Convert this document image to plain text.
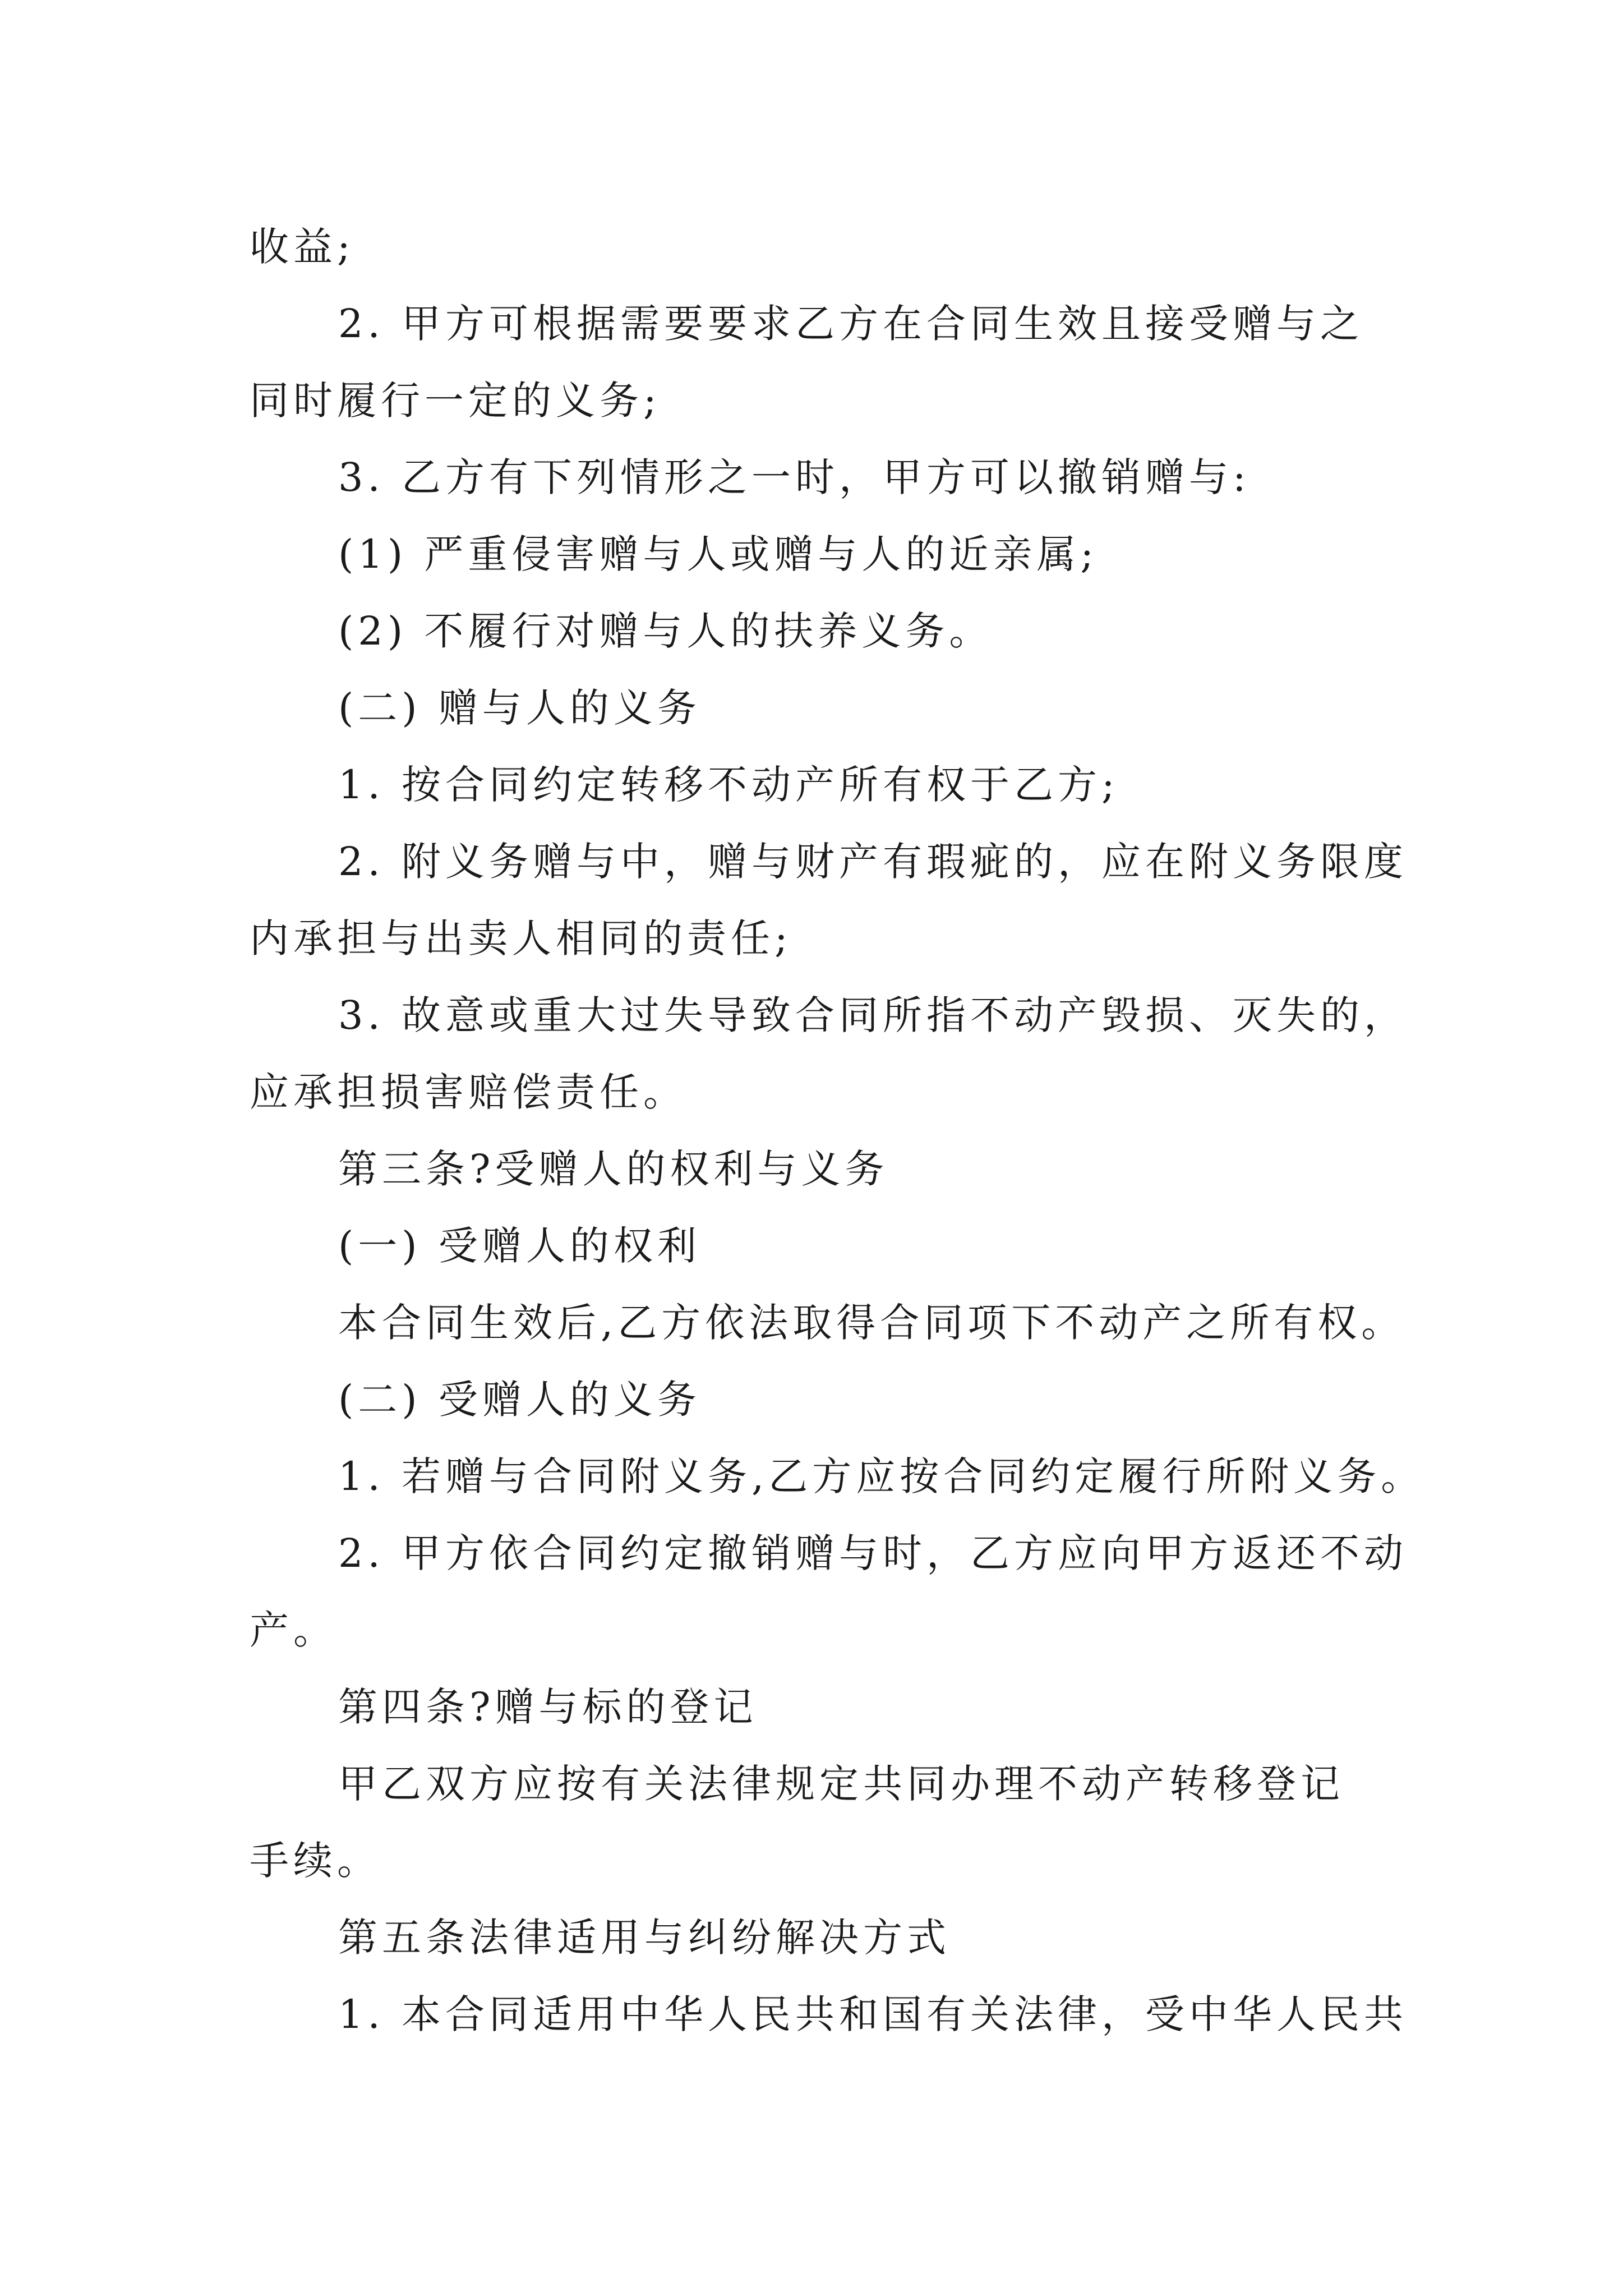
收益;

2. 甲方可根据需要要求乙方在合同生效且接受赠与之

同时履行一定的义务;

3. 乙方有下列情形之一时，甲方可以撤销赠与:

(1) 严重侵害赠与人或赠与人的近亲属;

(2) 不履行对赠与人的扶养义务。

(二) 赠与人的义务

1. 按合同约定转移不动产所有权于乙方;

2. 附义务赠与中，赠与财产有瑕疵的，应在附义务限度

内承担与出卖人相同的责任;

3. 故意或重大过失导致合同所指不动产毁损、灭失的，

应承担损害赔偿责任。

第三条?受赠人的权利与义务

(一) 受赠人的权利

本合同生效后,乙方依法取得合同项下不动产之所有权。

(二) 受赠人的义务

1. 若赠与合同附义务,乙方应按合同约定履行所附义务。

2. 甲方依合同约定撤销赠与时，乙方应向甲方返还不动

产。

第四条?赠与标的登记

甲乙双方应按有关法律规定共同办理不动产转移登记

手续。

第五条法律适用与纠纷解决方式

1. 本合同适用中华人民共和国有关法律，受中华人民共
